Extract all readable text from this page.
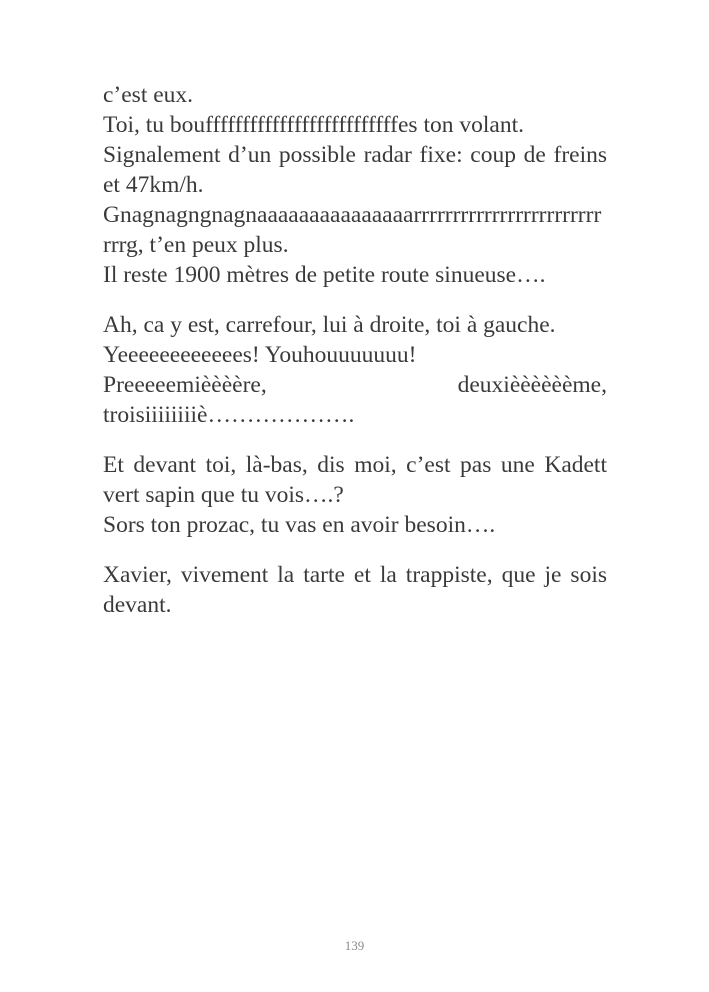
c’est eux.
Toi, tu bouffffffffffffffffffffffffffes ton volant.
Signalement d’un possible radar fixe: coup de freins
et 47km/h.
Gnagnagngnagnaaaaaaaaaaaaaaarrrrrrrrrrrrrrrrrrrrrrrr
rrrg, t’en peux plus.
Il reste 1900 mètres de petite route sinueuse….
Ah, ca y est, carrefour, lui à droite, toi à gauche.
Yeeeeeeeeeeees! Youhouuuuuuu!
Preeeeemièèèère, deuxièèèèèème,
troisiiiiiiiiè……………….
Et devant toi, là-bas, dis moi, c’est pas une Kadett
vert sapin que tu vois….?
Sors ton prozac, tu vas en avoir besoin….
Xavier, vivement la tarte et la trappiste, que je sois
devant.
139
